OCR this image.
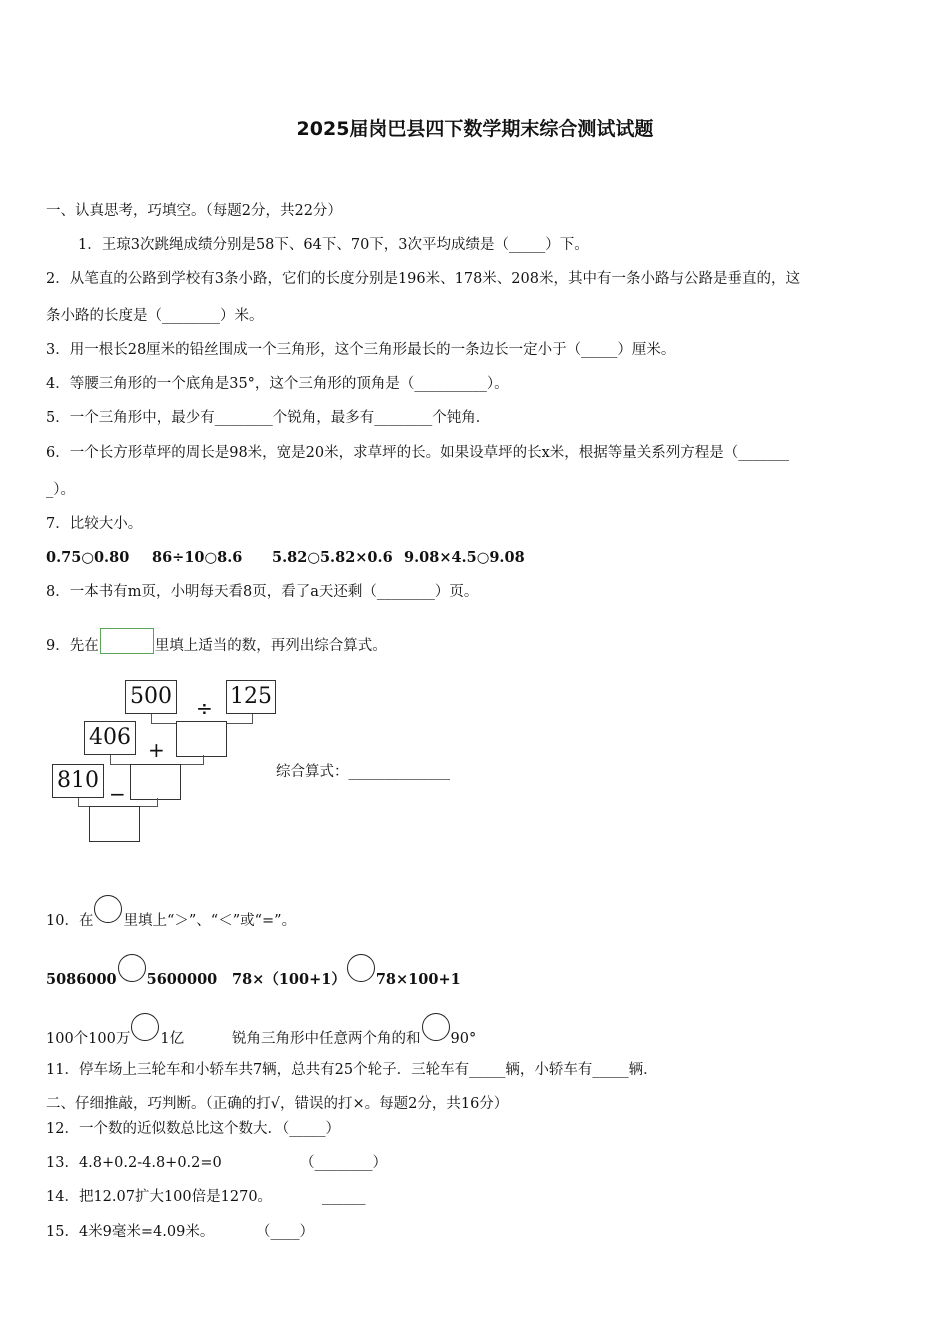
2025届岗巴县四下数学期末综合测试试题
一、认真思考，巧填空。（每题2分，共22分）
1．王琼3次跳绳成绩分别是58下、64下、70下，3次平均成绩是（_____）下。
2．从笔直的公路到学校有3条小路，它们的长度分别是196米、178米、208米，其中有一条小路与公路是垂直的，这
条小路的长度是（________）米。
3．用一根长28厘米的铅丝围成一个三角形，这个三角形最长的一条边长一定小于（_____）厘米。
4．等腰三角形的一个底角是35°，这个三角形的顶角是（__________）。
5．一个三角形中，最少有________个锐角，最多有________个钝角．
6．一个长方形草坪的周长是98米，宽是20米，求草坪的长。如果设草坪的长x米，根据等量关系列方程是（_______
_）。
7．比较大小。
0.75○0.80 86÷10○8.6 5.82○5.82×0.6 9.08×4.5○9.08
8．一本书有m页，小明每天看8页，看了a天还剩（________）页。
9．先在	里填上适当的数，再列出综合算式。
500	125
÷
406 +
810
−
综合算式：______________
10．在 里填上“＞”、“＜”或“=”。
5086000 5600000 78×（100+1） 78×100+1
100个100万 1亿	锐角三角形中任意两个角的和 90°
11．停车场上三轮车和小轿车共7辆，总共有25个轮子．三轮车有_____辆，小轿车有_____辆．
二、仔细推敲，巧判断。（正确的打√，错误的打×。每题2分，共16分）
12．一个数的近似数总比这个数大．（_____）
13．4.8+0.2-4.8+0.2=0	（________）
14．把12.07扩大100倍是1270。	______
15．4米9毫米=4.09米。	（____）
